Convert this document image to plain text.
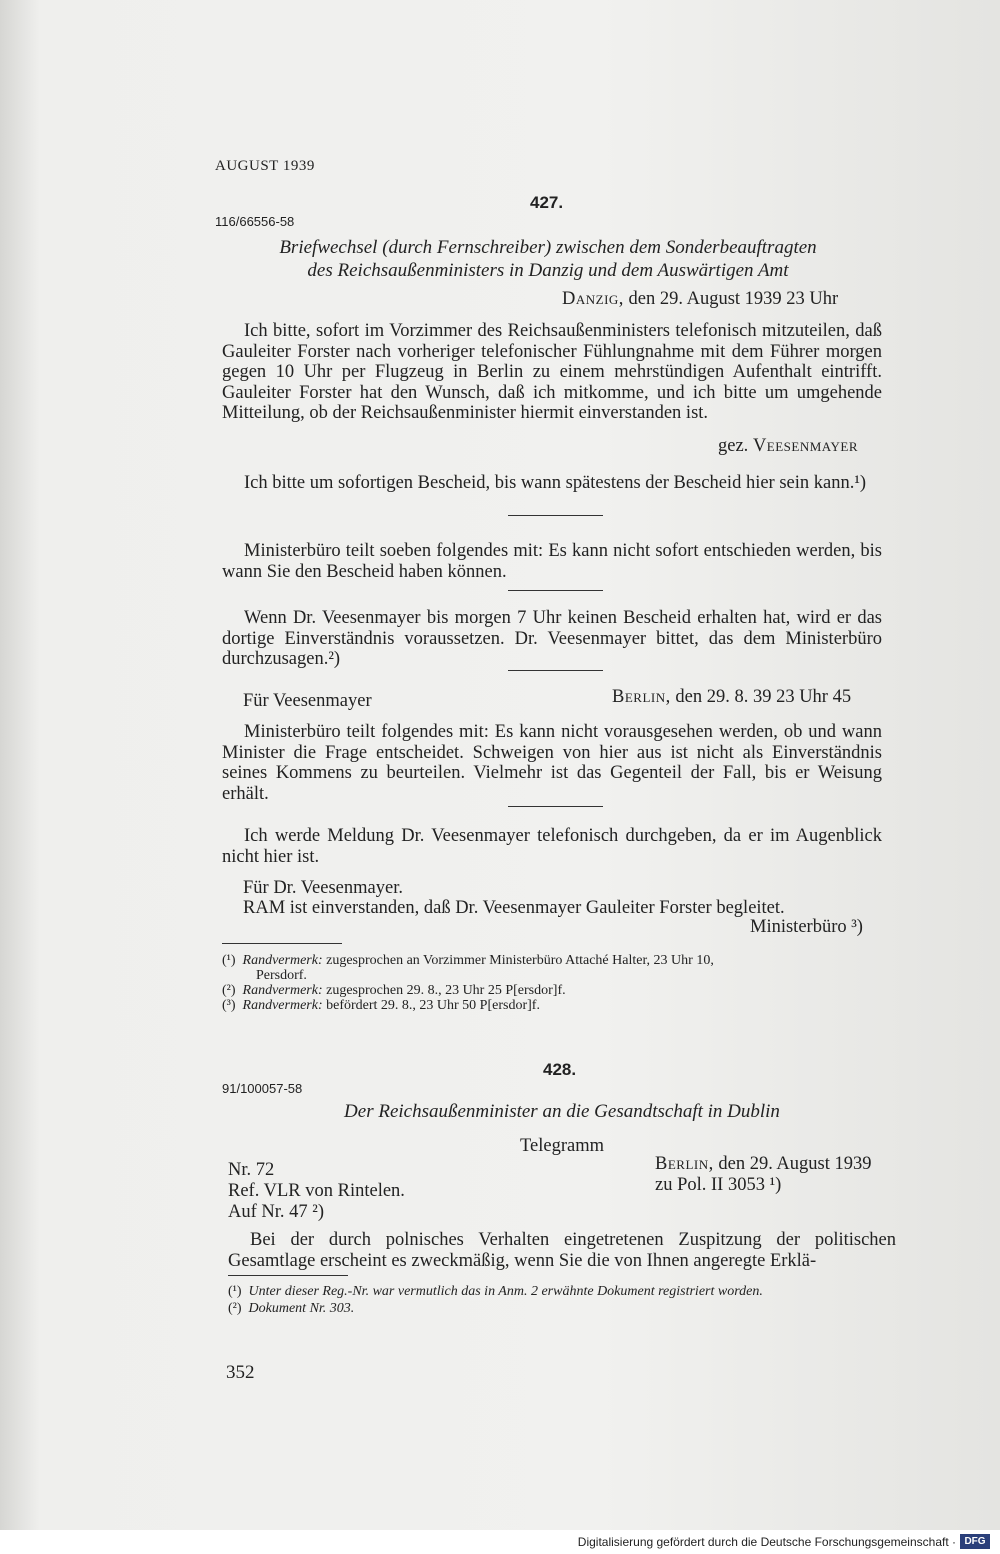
AUGUST 1939
427.
116/66556-58
Briefwechsel (durch Fernschreiber) zwischen dem Sonderbeauftragten
des Reichsaußenministers in Danzig und dem Auswärtigen Amt
Danzig, den 29. August 1939 23 Uhr
Ich bitte, sofort im Vorzimmer des Reichsaußenministers telefonisch mitzuteilen, daß Gauleiter Forster nach vorheriger telefonischer Fühlungnahme mit dem Führer morgen gegen 10 Uhr per Flugzeug in Berlin zu einem mehrstündigen Aufenthalt eintrifft. Gauleiter Forster hat den Wunsch, daß ich mitkomme, und ich bitte um umgehende Mitteilung, ob der Reichsaußenminister hiermit einverstanden ist.
gez. Veesenmayer
Ich bitte um sofortigen Bescheid, bis wann spätestens der Bescheid hier sein kann.¹)
Ministerbüro teilt soeben folgendes mit: Es kann nicht sofort entschieden werden, bis wann Sie den Bescheid haben können.
Wenn Dr. Veesenmayer bis morgen 7 Uhr keinen Bescheid erhalten hat, wird er das dortige Einverständnis voraussetzen. Dr. Veesenmayer bittet, das dem Ministerbüro durchzusagen.²)
Für Veesenmayer	Berlin, den 29. 8. 39 23 Uhr 45
Ministerbüro teilt folgendes mit: Es kann nicht vorausgesehen werden, ob und wann Minister die Frage entscheidet. Schweigen von hier aus ist nicht als Einverständnis seines Kommens zu beurteilen. Vielmehr ist das Gegenteil der Fall, bis er Weisung erhält.
Ich werde Meldung Dr. Veesenmayer telefonisch durchgeben, da er im Augenblick nicht hier ist.
Für Dr. Veesenmayer.
RAM ist einverstanden, daß Dr. Veesenmayer Gauleiter Forster begleitet.
Ministerbüro ³)
(¹) Randvermerk: zugesprochen an Vorzimmer Ministerbüro Attaché Halter, 23 Uhr 10,
Persdorf.
(²) Randvermerk: zugesprochen 29. 8., 23 Uhr 25 P[ersdor]f.
(³) Randvermerk: befördert 29. 8., 23 Uhr 50 P[ersdor]f.
428.
91/100057-58
Der Reichsaußenminister an die Gesandtschaft in Dublin
Telegramm
Nr. 72
Ref. VLR von Rintelen.
Auf Nr. 47 ²)
Berlin, den 29. August 1939
zu Pol. II 3053 ¹)
Bei der durch polnisches Verhalten eingetretenen Zuspitzung der politischen Gesamtlage erscheint es zweckmäßig, wenn Sie die von Ihnen angeregte Erklä-
(¹) Unter dieser Reg.-Nr. war vermutlich das in Anm. 2 erwähnte Dokument registriert worden.
(²) Dokument Nr. 303.
352
Digitalisierung gefördert durch die Deutsche Forschungsgemeinschaft · DFG
